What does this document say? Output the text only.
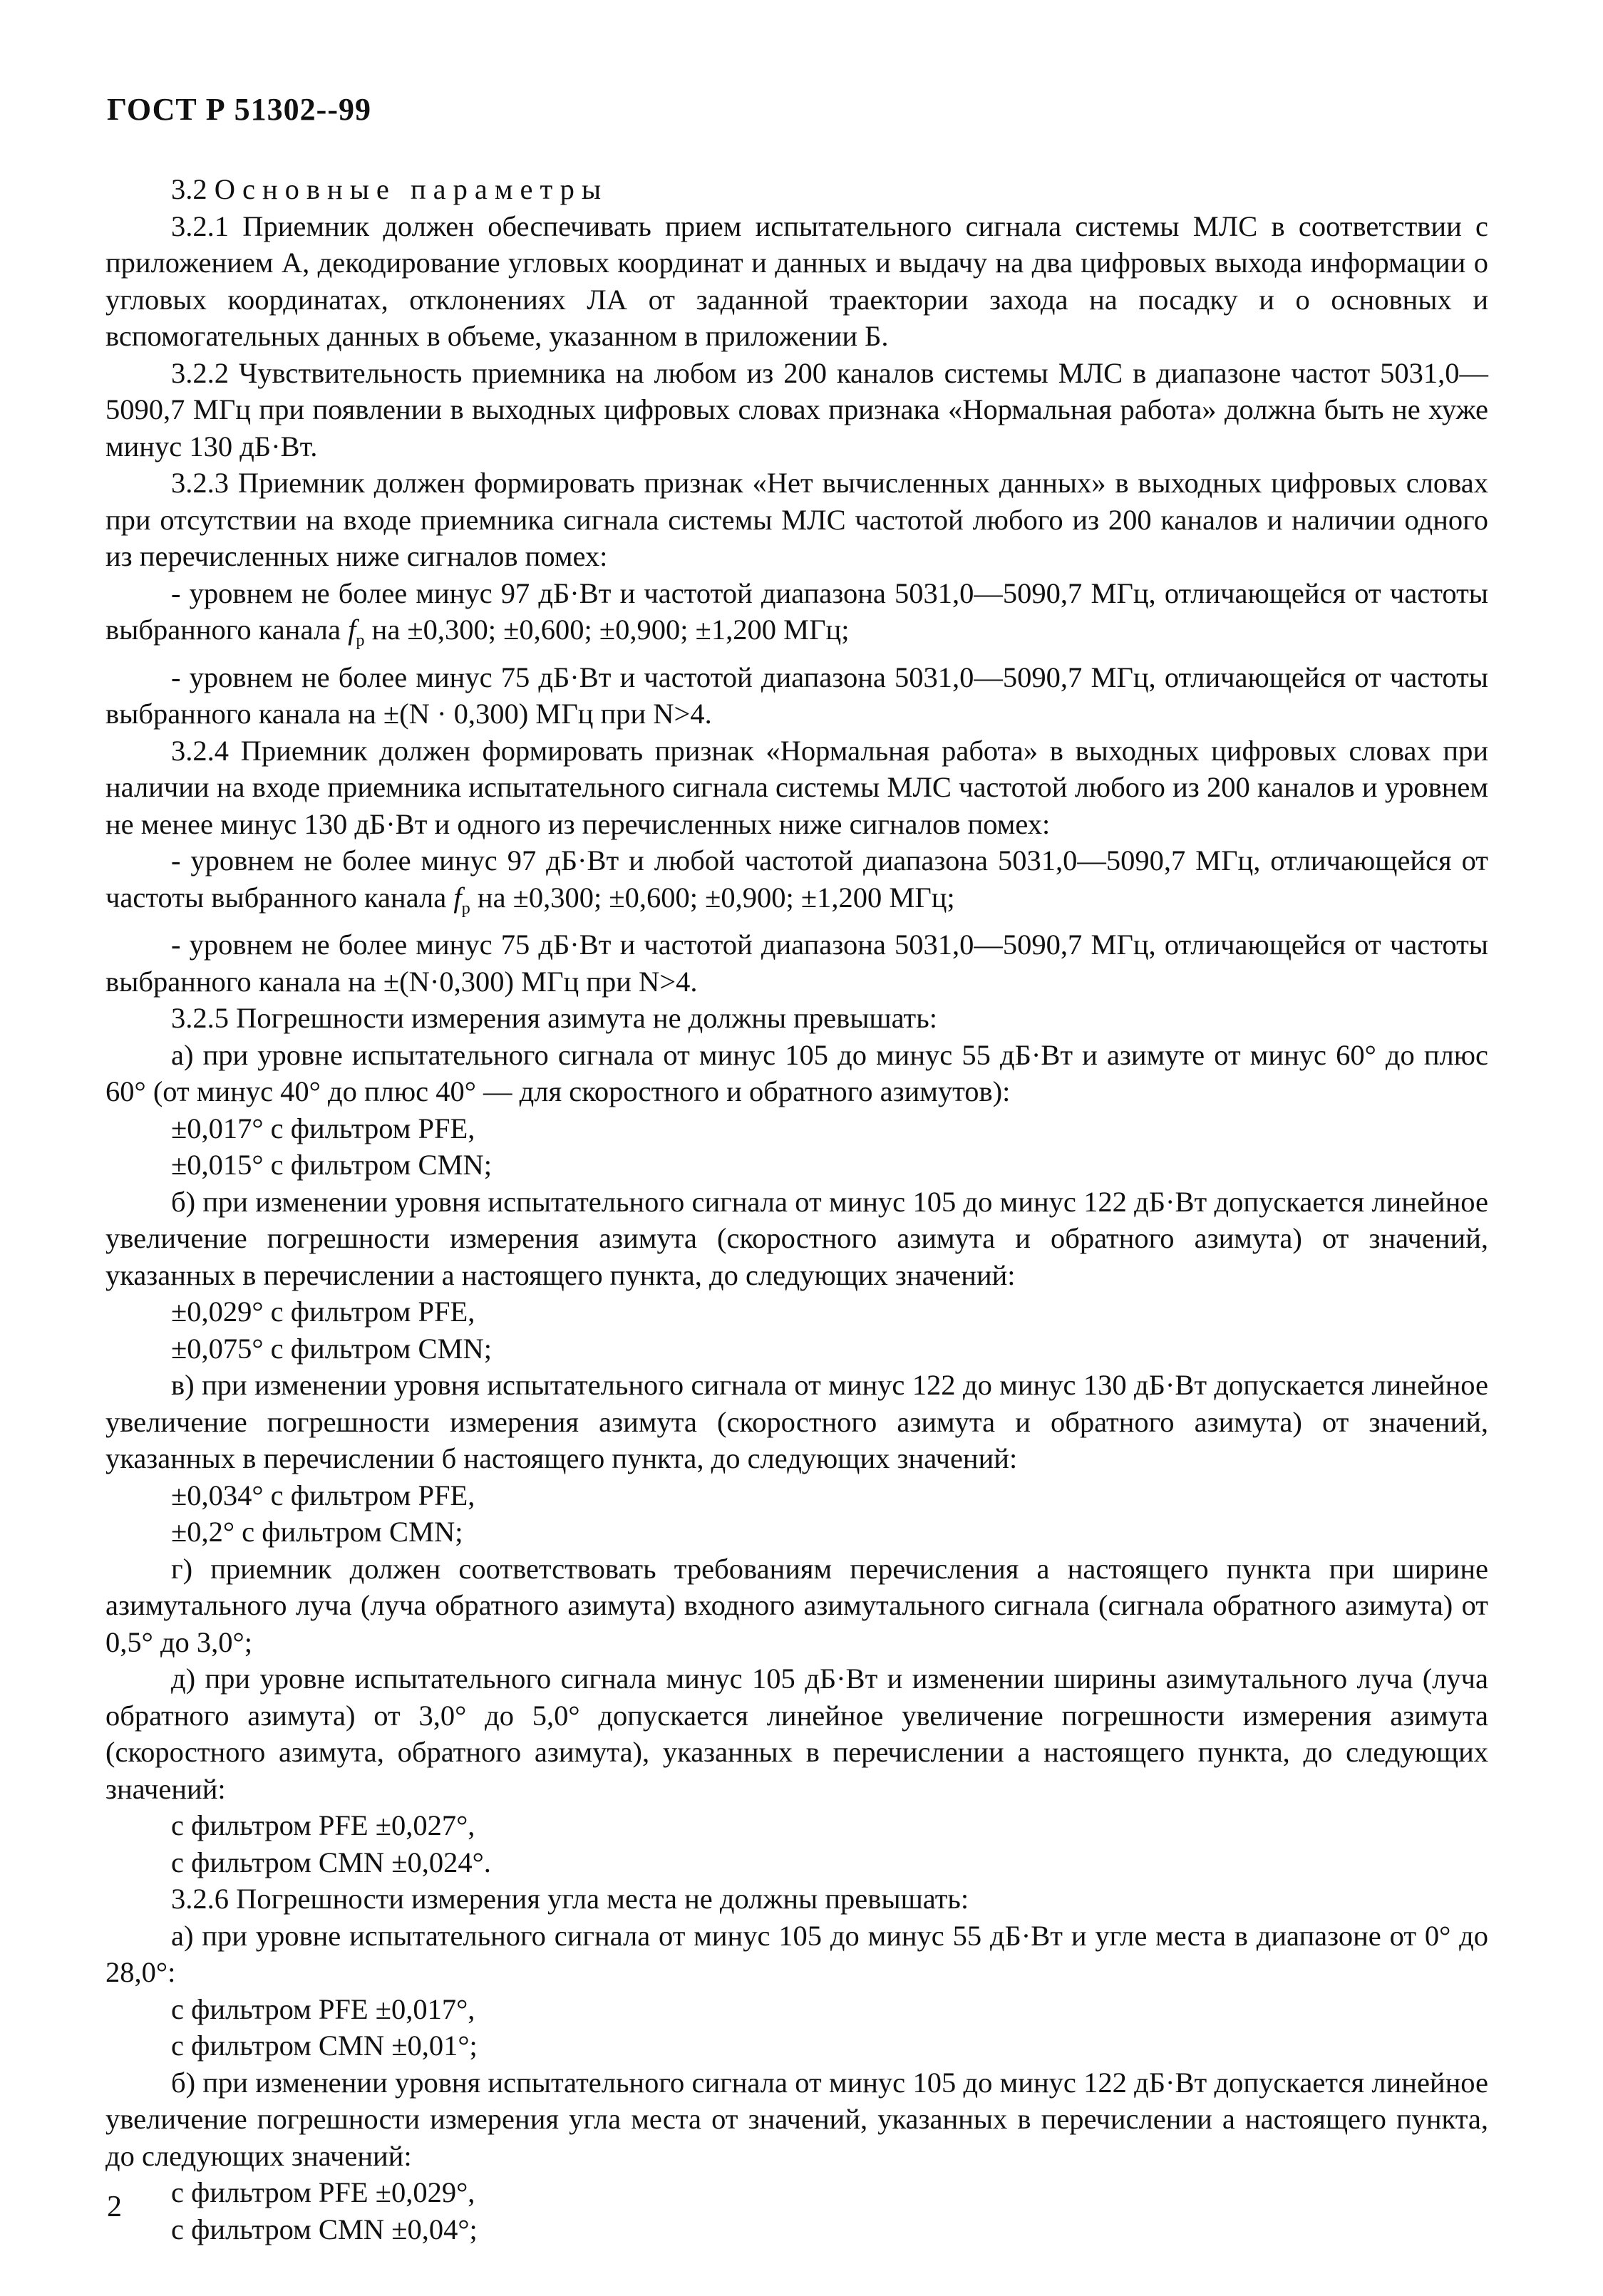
ГОСТ Р 51302--99

3.2 Основные параметры

3.2.1 Приемник должен обеспечивать прием испытательного сигнала системы МЛС в соответствии с приложением А, декодирование угловых координат и данных и выдачу на два цифровых выхода информации о угловых координатах, отклонениях ЛА от заданной траектории захода на посадку и о основных и вспомогательных данных в объеме, указанном в приложении Б.

3.2.2 Чувствительность приемника на любом из 200 каналов системы МЛС в диапазоне частот 5031,0—5090,7 МГц при появлении в выходных цифровых словах признака «Нормальная работа» должна быть не хуже минус 130 дБ·Вт.

3.2.3 Приемник должен формировать признак «Нет вычисленных данных» в выходных цифровых словах при отсутствии на входе приемника сигнала системы МЛС частотой любого из 200 каналов и наличии одного из перечисленных ниже сигналов помех:

- уровнем не более минус 97 дБ·Вт и частотой диапазона 5031,0—5090,7 МГц, отличающейся от частоты выбранного канала $f_р$ на ±0,300; ±0,600; ±0,900; ±1,200 МГц;

- уровнем не более минус 75 дБ·Вт и частотой диапазона 5031,0—5090,7 МГц, отличающейся от частоты выбранного канала на ±(N · 0,300) МГц при N>4.

3.2.4 Приемник должен формировать признак «Нормальная работа» в выходных цифровых словах при наличии на входе приемника испытательного сигнала системы МЛС частотой любого из 200 каналов и уровнем не менее минус 130 дБ·Вт и одного из перечисленных ниже сигналов помех:

- уровнем не более минус 97 дБ·Вт и любой частотой диапазона 5031,0—5090,7 МГц, отличающейся от частоты выбранного канала $f_р$ на ±0,300; ±0,600; ±0,900; ±1,200 МГц;

- уровнем не более минус 75 дБ·Вт и частотой диапазона 5031,0—5090,7 МГц, отличающейся от частоты выбранного канала на ±(N·0,300) МГц при N>4.

3.2.5 Погрешности измерения азимута не должны превышать:

а) при уровне испытательного сигнала от минус 105 до минус 55 дБ·Вт и азимуте от минус 60° до плюс 60° (от минус 40° до плюс 40° — для скоростного и обратного азимутов):

±0,017° с фильтром PFE,

±0,015° с фильтром CMN;

б) при изменении уровня испытательного сигнала от минус 105 до минус 122 дБ·Вт допускается линейное увеличение погрешности измерения азимута (скоростного азимута и обратного азимута) от значений, указанных в перечислении а настоящего пункта, до следующих значений:

±0,029° с фильтром PFE,

±0,075° с фильтром CMN;

в) при изменении уровня испытательного сигнала от минус 122 до минус 130 дБ·Вт допускается линейное увеличение погрешности измерения азимута (скоростного азимута и обратного азимута) от значений, указанных в перечислении б настоящего пункта, до следующих значений:

±0,034° с фильтром PFE,

±0,2° с фильтром CMN;

г) приемник должен соответствовать требованиям перечисления а настоящего пункта при ширине азимутального луча (луча обратного азимута) входного азимутального сигнала (сигнала обратного азимута) от 0,5° до 3,0°;

д) при уровне испытательного сигнала минус 105 дБ·Вт и изменении ширины азимутального луча (луча обратного азимута) от 3,0° до 5,0° допускается линейное увеличение погрешности измерения азимута (скоростного азимута, обратного азимута), указанных в перечислении а настоящего пункта, до следующих значений:

с фильтром PFE ±0,027°,

с фильтром CMN ±0,024°.

3.2.6 Погрешности измерения угла места не должны превышать:

а) при уровне испытательного сигнала от минус 105 до минус 55 дБ·Вт и угле места в диапазоне от 0° до 28,0°:

с фильтром PFE ±0,017°,

с фильтром CMN ±0,01°;

б) при изменении уровня испытательного сигнала от минус 105 до минус 122 дБ·Вт допускается линейное увеличение погрешности измерения угла места от значений, указанных в перечислении а настоящего пункта, до следующих значений:

с фильтром PFE ±0,029°,

с фильтром CMN ±0,04°;

2
